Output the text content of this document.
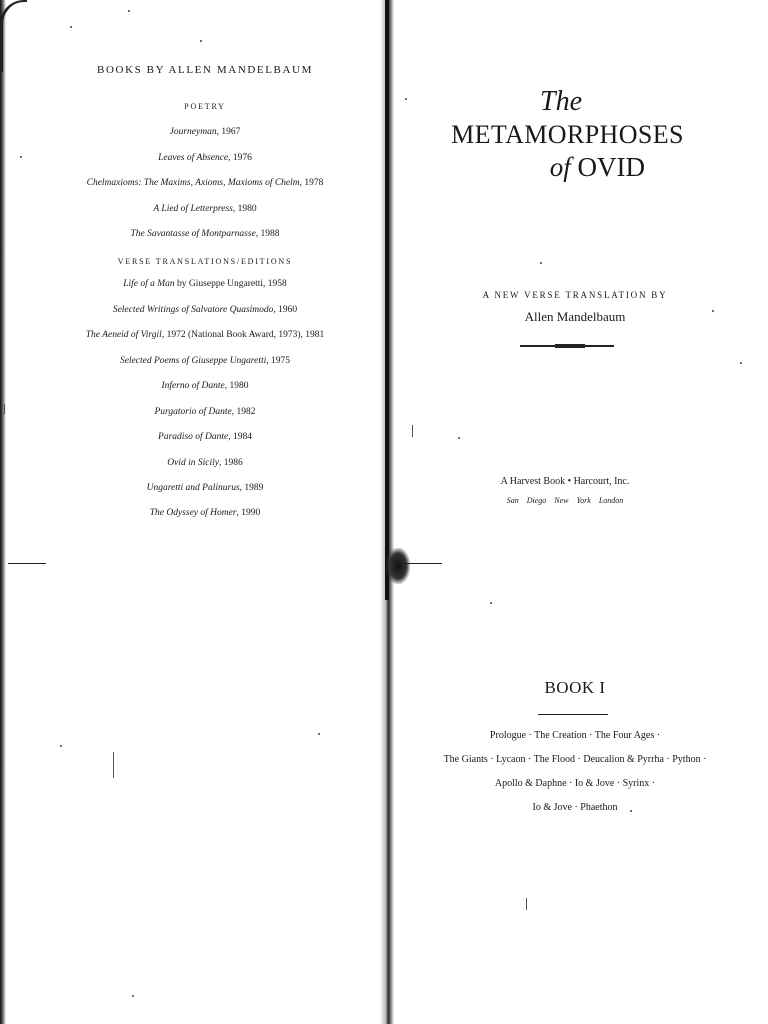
BOOKS BY ALLEN MANDELBAUM
POETRY
Journeyman, 1967
Leaves of Absence, 1976
Chelmaxioms: The Maxims, Axioms, Maxioms of Chelm, 1978
A Lied of Letterpress, 1980
The Savantasse of Montparnasse, 1988
VERSE TRANSLATIONS/EDITIONS
Life of a Man by Giuseppe Ungaretti, 1958
Selected Writings of Salvatore Quasimodo, 1960
The Aeneid of Virgil, 1972 (National Book Award, 1973), 1981
Selected Poems of Giuseppe Ungaretti, 1975
Inferno of Dante, 1980
Purgatorio of Dante, 1982
Paradiso of Dante, 1984
Ovid in Sicily, 1986
Ungaretti and Palinurus, 1989
The Odyssey of Homer, 1990
The
METAMORPHOSES
of OVID
A NEW VERSE TRANSLATION BY
Allen Mandelbaum
A Harvest Book • Harcourt, Inc.
San Diego New York London
BOOK I
Prologue · The Creation · The Four Ages ·
The Giants · Lycaon · The Flood · Deucalion & Pyrrha · Python ·
Apollo & Daphne · Io & Jove · Syrinx ·
Io & Jove · Phaethon
